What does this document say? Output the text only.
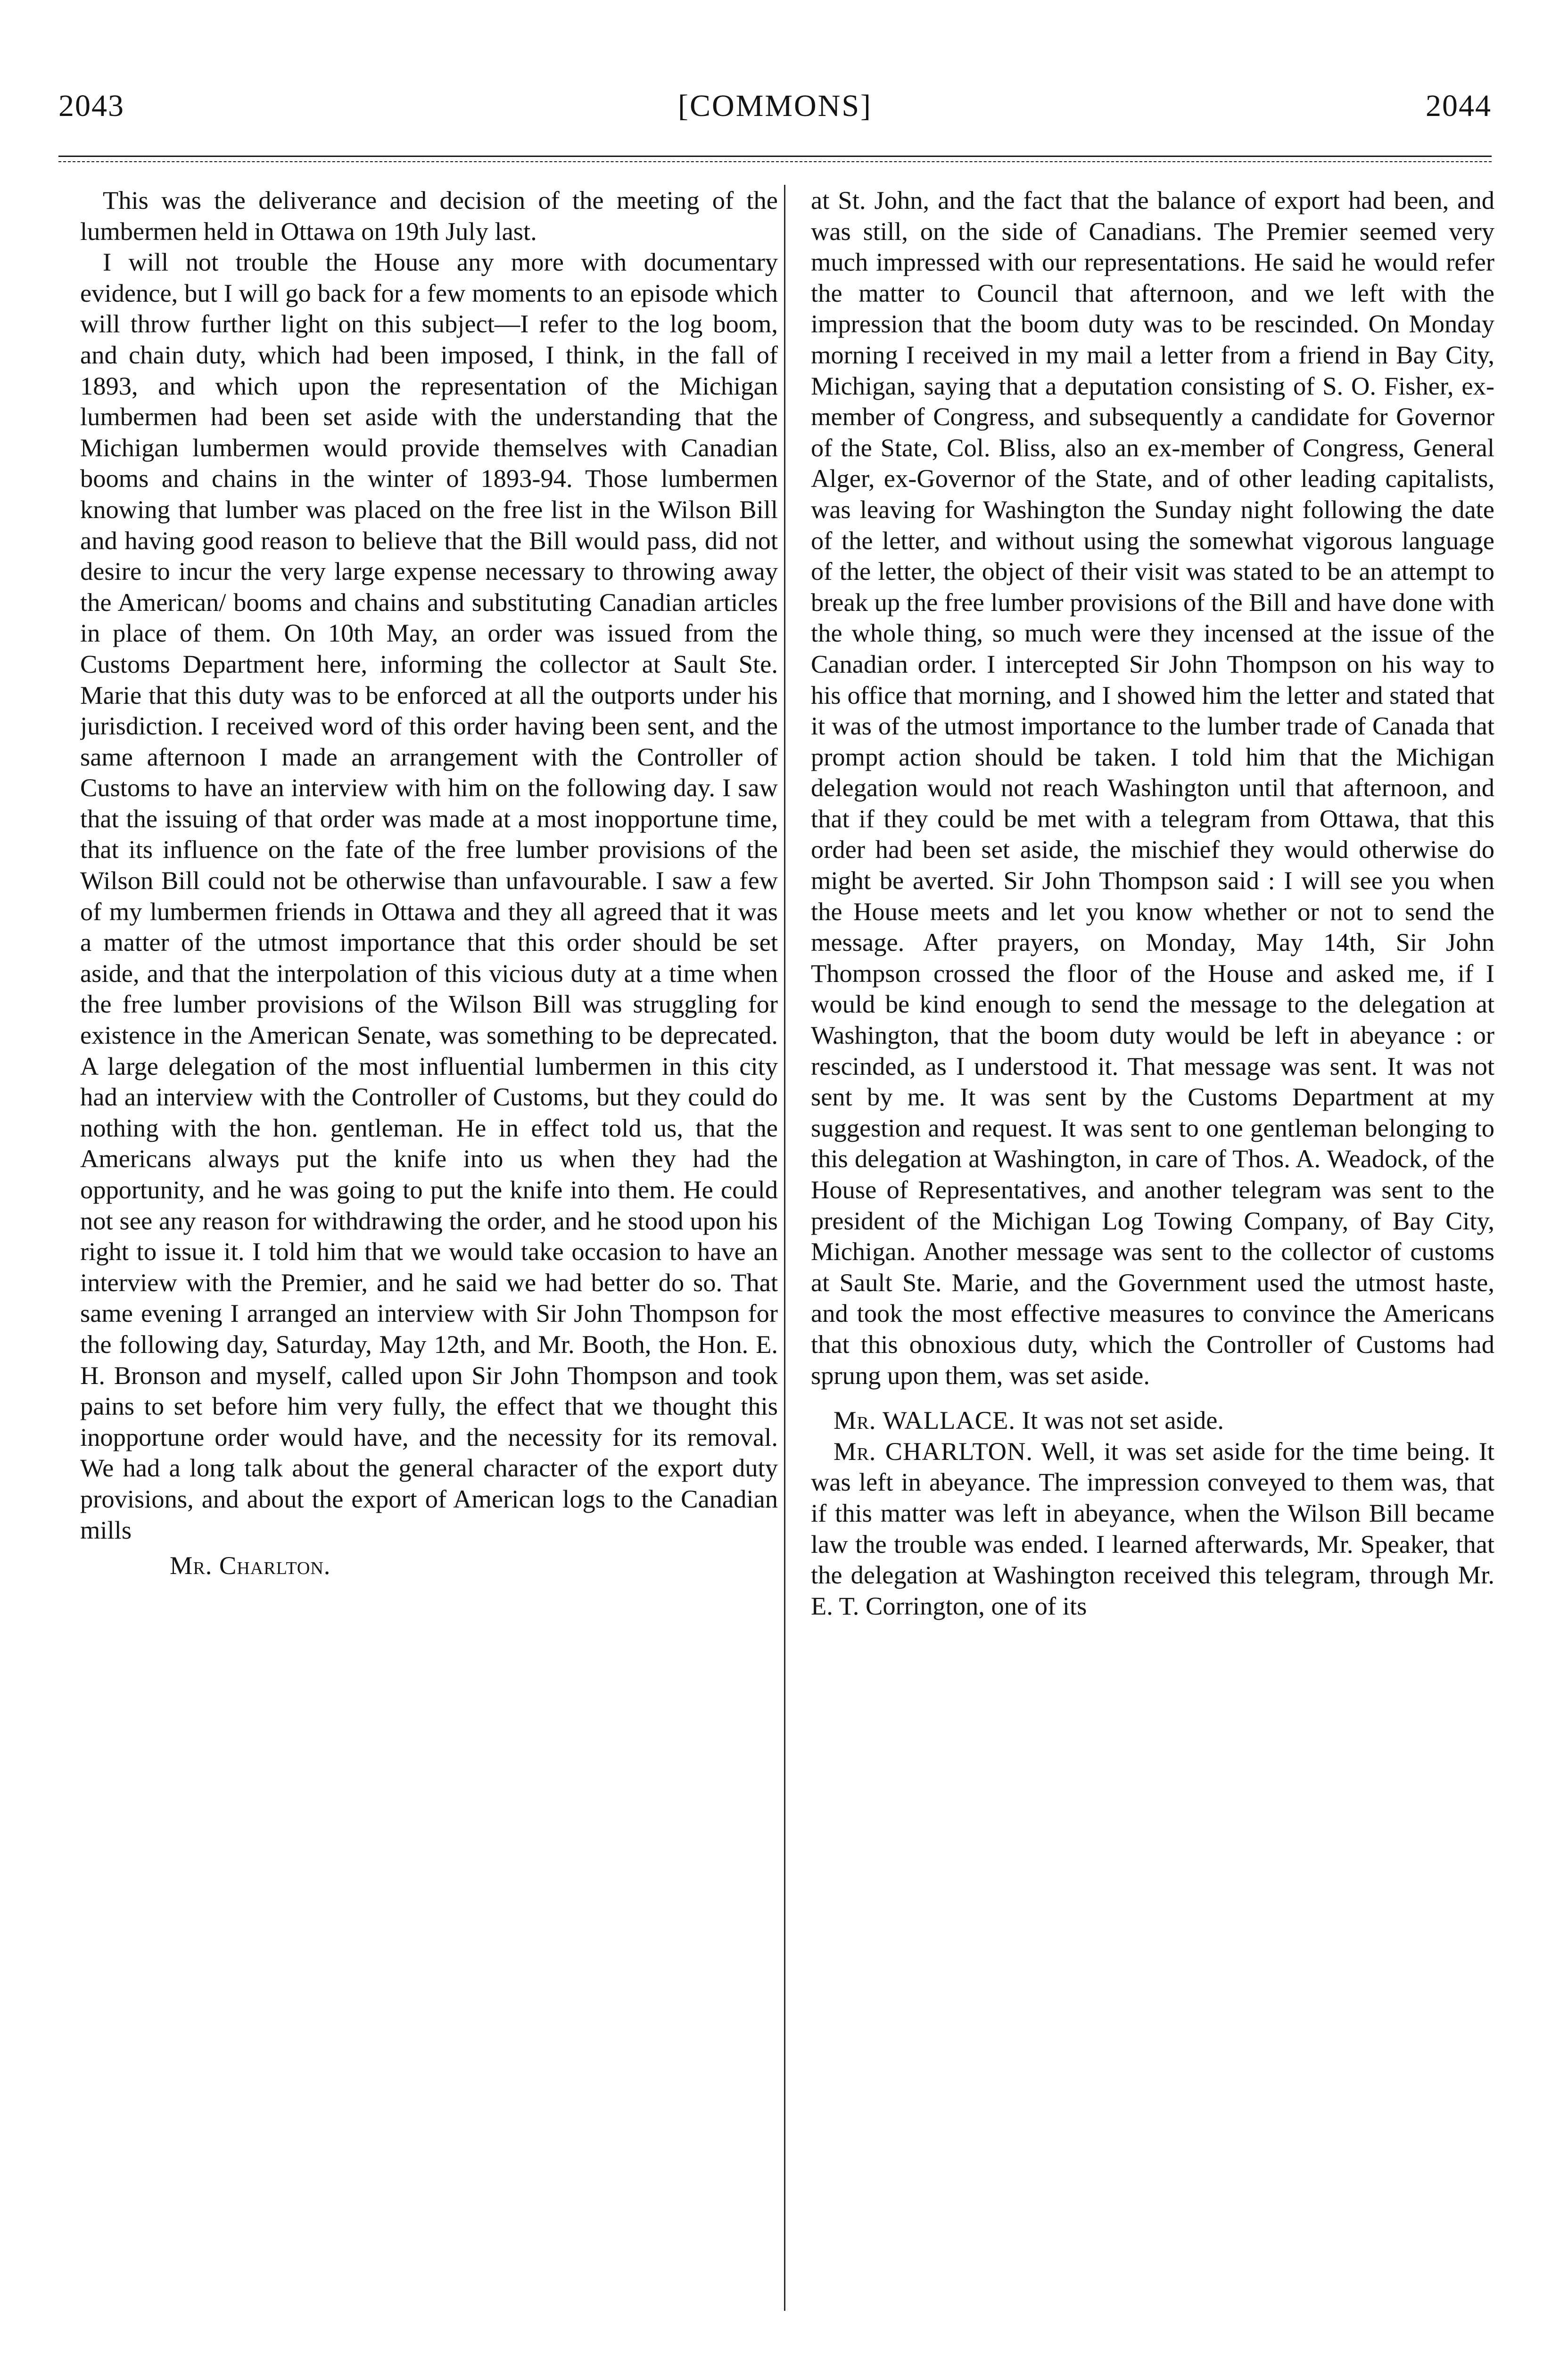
2043	[COMMONS]	2044

This was the deliverance and decision of the meeting of the lumbermen held in Ottawa on 19th July last.

I will not trouble the House any more with documentary evidence, but I will go back for a few moments to an episode which will throw further light on this subject—I refer to the log boom, and chain duty, which had been imposed, I think, in the fall of 1893, and which upon the representation of the Michigan lumbermen had been set aside with the understanding that the Michigan lumbermen would provide themselves with Canadian booms and chains in the winter of 1893-94. Those lumbermen knowing that lumber was placed on the free list in the Wilson Bill and having good reason to believe that the Bill would pass, did not desire to incur the very large expense necessary to throwing away the American/ booms and chains and substituting Canadian articles in place of them. On 10th May, an order was issued from the Customs Department here, informing the collector at Sault Ste. Marie that this duty was to be enforced at all the outports under his jurisdiction. I received word of this order having been sent, and the same afternoon I made an arrangement with the Controller of Customs to have an interview with him on the following day. I saw that the issuing of that order was made at a most inopportune time, that its influence on the fate of the free lumber provisions of the Wilson Bill could not be otherwise than unfavourable. I saw a few of my lumbermen friends in Ottawa and they all agreed that it was a matter of the utmost importance that this order should be set aside, and that the interpolation of this vicious duty at a time when the free lumber provisions of the Wilson Bill was struggling for existence in the American Senate, was something to be deprecated. A large delegation of the most influential lumbermen in this city had an interview with the Controller of Customs, but they could do nothing with the hon. gentleman. He in effect told us, that the Americans always put the knife into us when they had the opportunity, and he was going to put the knife into them. He could not see any reason for withdrawing the order, and he stood upon his right to issue it. I told him that we would take occasion to have an interview with the Premier, and he said we had better do so. That same evening I arranged an interview with Sir John Thompson for the following day, Saturday, May 12th, and Mr. Booth, the Hon. E. H. Bronson and myself, called upon Sir John Thompson and took pains to set before him very fully, the effect that we thought this inopportune order would have, and the necessity for its removal. We had a long talk about the general character of the export duty provisions, and about the export of American logs to the Canadian mills

Mr. Charlton.

at St. John, and the fact that the balance of export had been, and was still, on the side of Canadians. The Premier seemed very much impressed with our representations. He said he would refer the matter to Council that afternoon, and we left with the impression that the boom duty was to be rescinded. On Monday morning I received in my mail a letter from a friend in Bay City, Michigan, saying that a deputation consisting of S. O. Fisher, ex-member of Congress, and subsequently a candidate for Governor of the State, Col. Bliss, also an ex-member of Congress, General Alger, ex-Governor of the State, and of other leading capitalists, was leaving for Washington the Sunday night following the date of the letter, and without using the somewhat vigorous language of the letter, the object of their visit was stated to be an attempt to break up the free lumber provisions of the Bill and have done with the whole thing, so much were they incensed at the issue of the Canadian order. I intercepted Sir John Thompson on his way to his office that morning, and I showed him the letter and stated that it was of the utmost importance to the lumber trade of Canada that prompt action should be taken. I told him that the Michigan delegation would not reach Washington until that afternoon, and that if they could be met with a telegram from Ottawa, that this order had been set aside, the mischief they would otherwise do might be averted. Sir John Thompson said : I will see you when the House meets and let you know whether or not to send the message. After prayers, on Monday, May 14th, Sir John Thompson crossed the floor of the House and asked me, if I would be kind enough to send the message to the delegation at Washington, that the boom duty would be left in abeyance : or rescinded, as I understood it. That message was sent. It was not sent by me. It was sent by the Customs Department at my suggestion and request. It was sent to one gentleman belonging to this delegation at Washington, in care of Thos. A. Weadock, of the House of Representatives, and another telegram was sent to the president of the Michigan Log Towing Company, of Bay City, Michigan. Another message was sent to the collector of customs at Sault Ste. Marie, and the Government used the utmost haste, and took the most effective measures to convince the Americans that this obnoxious duty, which the Controller of Customs had sprung upon them, was set aside.

Mr. WALLACE. It was not set aside.

Mr. CHARLTON. Well, it was set aside for the time being. It was left in abeyance. The impression conveyed to them was, that if this matter was left in abeyance, when the Wilson Bill became law the trouble was ended. I learned afterwards, Mr. Speaker, that the delegation at Washington received this telegram, through Mr. E. T. Corrington, one of its
